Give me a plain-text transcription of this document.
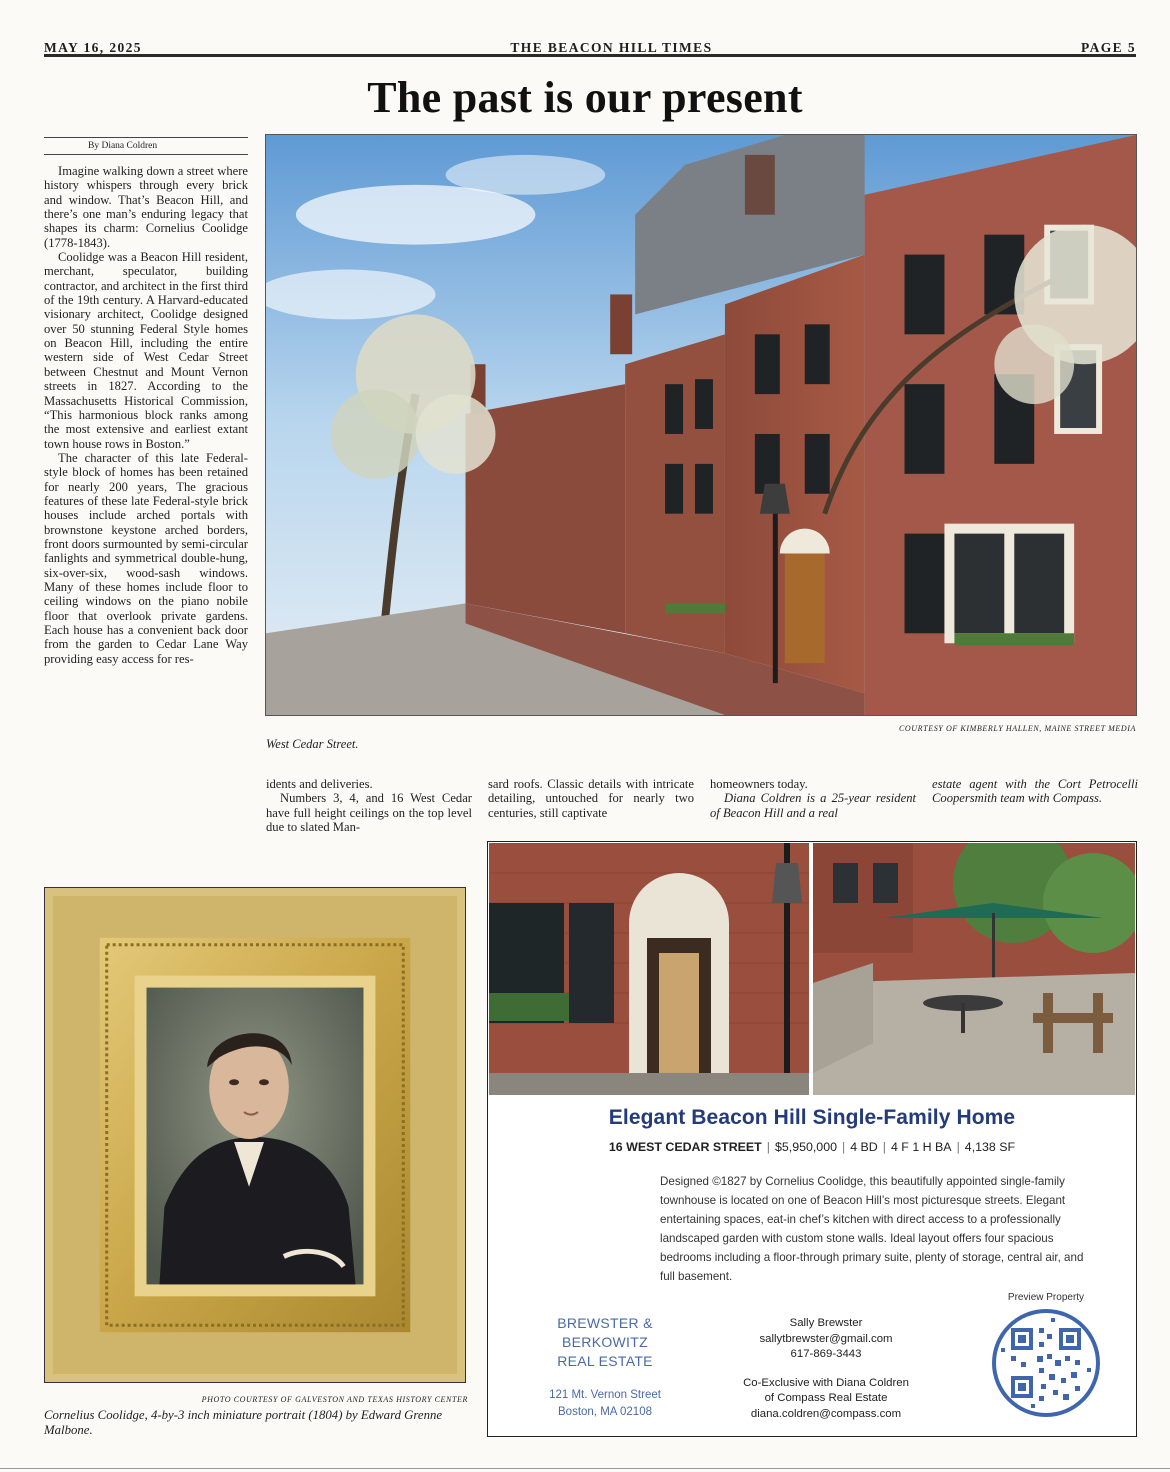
MAY 16, 2025	THE BEACON HILL TIMES	PAGE 5
The past is our present
By Diana Coldren

Imagine walking down a street where history whispers through every brick and window. That’s Beacon Hill, and there’s one man’s enduring legacy that shapes its charm: Cornelius Coolidge (1778-1843).

Coolidge was a Beacon Hill resident, merchant, speculator, building contractor, and architect in the first third of the 19th century. A Harvard-educated visionary architect, Coolidge designed over 50 stunning Federal Style homes on Beacon Hill, including the entire western side of West Cedar Street between Chestnut and Mount Vernon streets in 1827. According to the Massachusetts Historical Commission, “This harmonious block ranks among the most extensive and earliest extant town house rows in Boston.”

The character of this late Federal-style block of homes has been retained for nearly 200 years, The gracious features of these late Federal-style brick houses include arched portals with brownstone keystone arched borders, front doors surmounted by semi-circular fanlights and symmetrical double-hung, six-over-six, wood-sash windows. Many of these homes include floor to ceiling windows on the piano nobile floor that overlook private gardens. Each house has a convenient back door from the garden to Cedar Lane Way providing easy access for res-

COURTESY OF KIMBERLY HALLEN, MAINE STREET MEDIA
West Cedar Street.

idents and deliveries.

Numbers 3, 4, and 16 West Cedar have full height ceilings on the top level due to slated Man-

sard roofs. Classic details with intricate detailing, untouched for nearly two centuries, still captivate

homeowners today.

Diana Coldren is a 25-year resident of Beacon Hill and a real

estate agent with the Cort Petrocelli Coopersmith team with Compass.

PHOTO COURTESY OF GALVESTON AND TEXAS HISTORY CENTER
Cornelius Coolidge, 4-by-3 inch miniature portrait (1804) by Edward Grenne Malbone.
Elegant Beacon Hill Single-Family Home
16 WEST CEDAR STREET | $5,950,000 | 4 BD | 4 F 1 H BA | 4,138 SF
Designed ©1827 by Cornelius Coolidge, this beautifully appointed single-family townhouse is located on one of Beacon Hill’s most picturesque streets. Elegant entertaining spaces, eat-in chef’s kitchen with direct access to a professionally landscaped garden with custom stone walls. Ideal layout offers four spacious bedrooms including a floor-through primary suite, plenty of storage, central air, and full basement.
BREWSTER &
BERKOWITZ
REAL ESTATE
121 Mt. Vernon Street
Boston, MA 02108
Sally Brewster
sallytbrewster@gmail.com
617-869-3443
Co-Exclusive with Diana Coldren
of Compass Real Estate
diana.coldren@compass.com
Preview Property
